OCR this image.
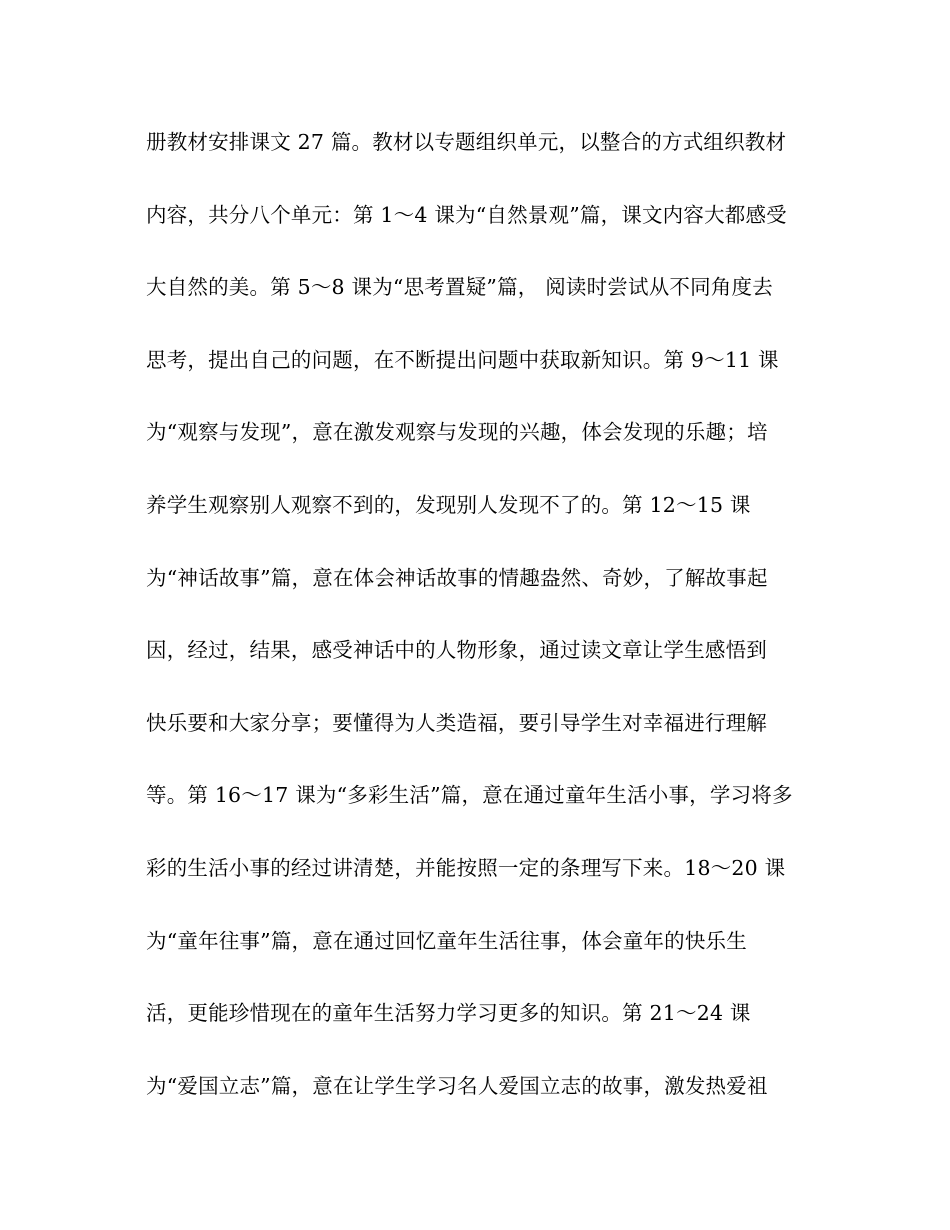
册教材安排课文 27 篇。教材以专题组织单元，以整合的方式组织教材
内容，共分八个单元：第 1～4 课为“自然景观”篇，课文内容大都感受
大自然的美。第 5～8 课为“思考置疑”篇， 阅读时尝试从不同角度去
思考，提出自己的问题，在不断提出问题中获取新知识。第 9～11 课
为“观察与发现”，意在激发观察与发现的兴趣，体会发现的乐趣；培
养学生观察别人观察不到的，发现别人发现不了的。第 12～15 课
为“神话故事”篇，意在体会神话故事的情趣盎然、奇妙，了解故事起
因，经过，结果，感受神话中的人物形象，通过读文章让学生感悟到
快乐要和大家分享；要懂得为人类造福，要引导学生对幸福进行理解
等。第 16～17 课为“多彩生活”篇，意在通过童年生活小事，学习将多
彩的生活小事的经过讲清楚，并能按照一定的条理写下来。18～20 课
为“童年往事”篇，意在通过回忆童年生活往事，体会童年的快乐生
活，更能珍惜现在的童年生活努力学习更多的知识。第 21～24 课
为“爱国立志”篇，意在让学生学习名人爱国立志的故事，激发热爱祖
